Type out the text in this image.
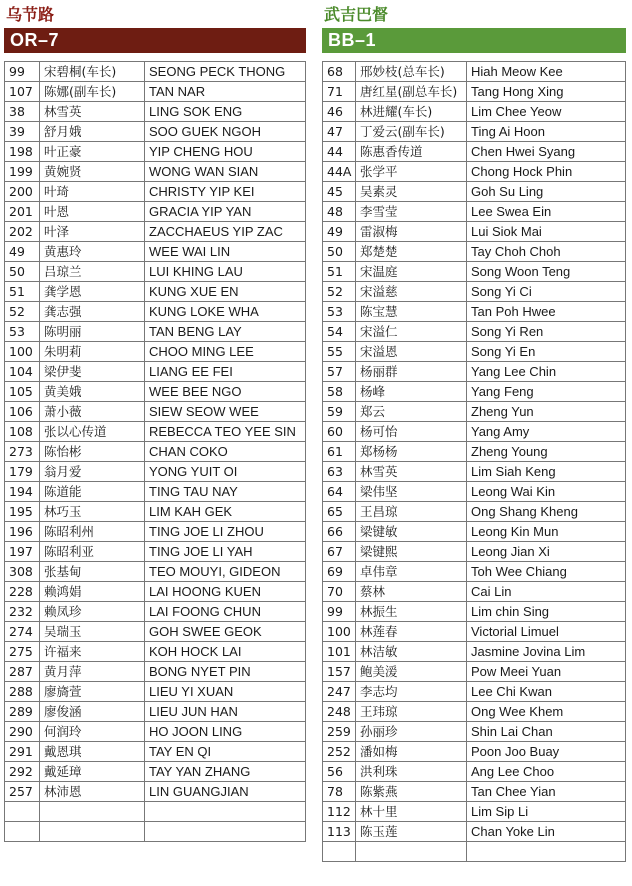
乌节路
OR–7
99	宋碧桐(车长)	SEONG PECK THONG
107 陈娜(副车长)	TAN NAR
38	林雪英	LING SOK ENG
39	舒月娥	SOO GUEK NGOH
198 叶正豪	YIP CHENG HOU
199 黄婉贤	WONG WAN SIAN
200 叶琦	CHRISTY YIP KEI
201 叶恩	GRACIA YIP YAN
202 叶泽	ZACCHAEUS YIP ZAC
49	黄惠玲	WEE WAI LIN
50	吕琼兰	LUI KHING LAU
51	龚学恩	KUNG XUE EN
52	龚志强	KUNG LOKE WHA
53	陈明丽	TAN BENG LAY
100 朱明莉	CHOO MING LEE
104 梁伊斐	LIANG EE FEI
105 黄美娥	WEE BEE NGO
106 萧小薇	SIEW SEOW WEE
108 张以心传道	REBECCA TEO YEE SIN
273 陈怡彬	CHAN COKO
179 翁月爱	YONG YUIT OI
194 陈道能	TING TAU NAY
195 林巧玉	LIM KAH GEK
196 陈昭利州	TING JOE LI ZHOU
197 陈昭利亚	TING JOE LI YAH
308 张基甸	TEO MOUYI, GIDEON
228 赖鸿娟	LAI HOONG KUEN
232 赖凤珍	LAI FOONG CHUN
274 吴瑞玉	GOH SWEE GEOK
275 许福来	KOH HOCK LAI
287 黄月萍	BONG NYET PIN
288 廖旖萱	LIEU YI XUAN
289 廖俊涵	LIEU JUN HAN
290 何润玲	HO JOON LING
291 戴恩琪	TAY EN QI
292 戴延璋	TAY YAN ZHANG
257 林沛恩	LIN GUANGJIAN
武吉巴督
BB–1
68	邢妙枝(总车长)	Hiah Meow Kee
71	唐红星(副总车长)	Tang Hong Xing
46	林进耀(车长)	Lim Chee Yeow
47	丁爱云(副车长)	Ting Ai Hoon
44	陈惠香传道	Chen Hwei Syang
44A 张学平	Chong Hock Phin
45	吴素灵	Goh Su Ling
48	李雪莹	Lee Swea Ein
49	雷淑梅	Lui Siok Mai
50	郑楚楚	Tay Choh Choh
51	宋温庭	Song Woon Teng
52	宋溢慈	Song Yi Ci
53	陈宝慧	Tan Poh Hwee
54	宋溢仁	Song Yi Ren
55	宋溢恩	Song Yi En
57	杨丽群	Yang Lee Chin
58	杨峰	Yang Feng
59	郑云	Zheng Yun
60	杨可怡	Yang Amy
61	郑杨杨	Zheng Young
63	林雪英	Lim Siah Keng
64	梁伟坚	Leong Wai Kin
65	王昌琼	Ong Shang Kheng
66	梁键敏	Leong Kin Mun
67	梁键熙	Leong Jian Xi
69	卓伟章	Toh Wee Chiang
70	蔡林	Cai Lin
99	林振生	Lim chin Sing
100 林莲春	Victorial Limuel
101 林洁敏	Jasmine Jovina Lim
157 鲍美湲	Pow Meei Yuan
247 李志均	Lee Chi Kwan
248 王玮琼	Ong Wee Khem
259 孙丽珍	Shin Lai Chan
252 潘如梅	Poon Joo Buay
56	洪利珠	Ang Lee Choo
78	陈紫燕	Tan Chee Yian
112 林十里	Lim Sip Li
113 陈玉莲	Chan Yoke Lin
